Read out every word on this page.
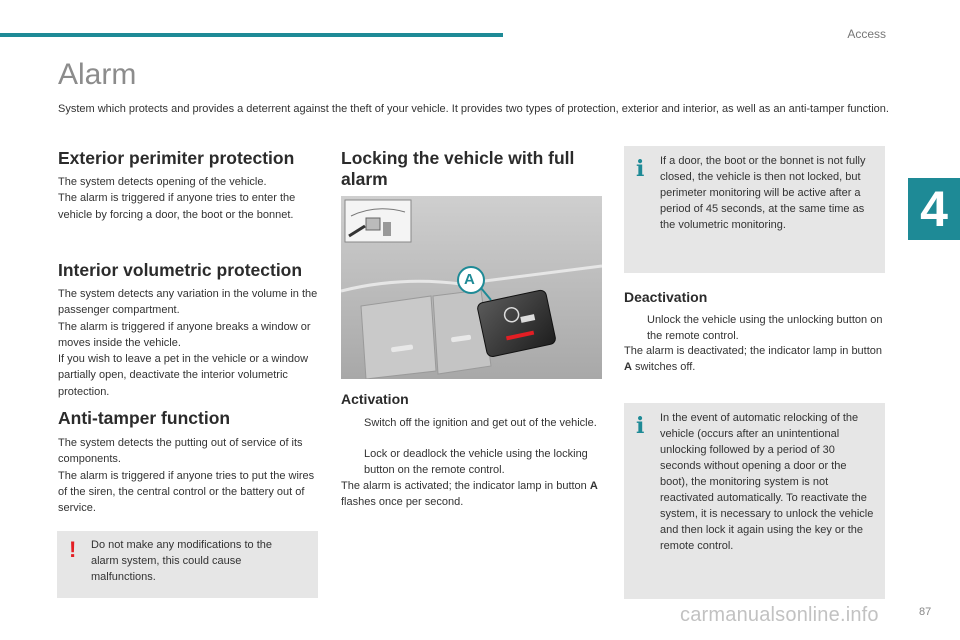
Access
4
Alarm

System which protects and provides a deterrent against the theft of your vehicle. It provides two types of protection, exterior and interior, as well as an anti-tamper function.

Exterior perimiter protection

The system detects opening of the vehicle.
The alarm is triggered if anyone tries to enter the vehicle by forcing a door, the boot or the bonnet.

Interior volumetric protection

The system detects any variation in the volume in the passenger compartment.
The alarm is triggered if anyone breaks a window or moves inside the vehicle.
If you wish to leave a pet in the vehicle or a window partially open, deactivate the interior volumetric protection.

Anti-tamper function

The system detects the putting out of service of its components.
The alarm is triggered if anyone tries to put the wires of the siren, the central control or the battery out of service.

! Do not make any modifications to the alarm system, this could cause malfunctions.
Locking the vehicle with full alarm
A
Activation
Switch off the ignition and get out of the vehicle.
Lock or deadlock the vehicle using the locking button on the remote control.

The alarm is activated; the indicator lamp in button A flashes once per second.

i If a door, the boot or the bonnet is not fully closed, the vehicle is then not locked, but perimeter monitoring will be active after a period of 45 seconds, at the same time as the volumetric monitoring.
Deactivation
Unlock the vehicle using the unlocking button on the remote control.

The alarm is deactivated; the indicator lamp in button A switches off.

i In the event of automatic relocking of the vehicle (occurs after an unintentional unlocking followed by a period of 30 seconds without opening a door or the boot), the monitoring system is not reactivated automatically. To reactivate the system, it is necessary to unlock the vehicle and then lock it again using the key or the remote control.
carmanualsonline.info	87
